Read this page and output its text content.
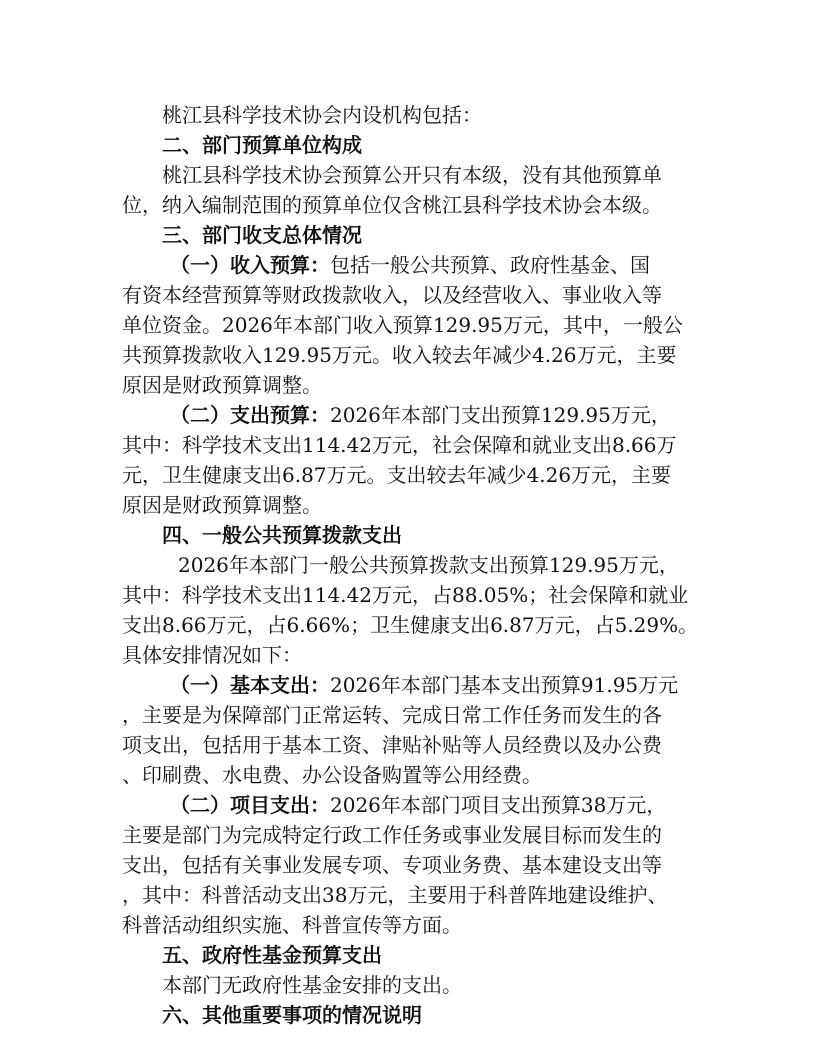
桃江县科学技术协会内设机构包括：
二、部门预算单位构成
桃江县科学技术协会预算公开只有本级，没有其他预算单
位，纳入编制范围的预算单位仅含桃江县科学技术协会本级。
三、部门收支总体情况
（一）收入预算：包括一般公共预算、政府性基金、国
有资本经营预算等财政拨款收入，以及经营收入、事业收入等
单位资金。2026年本部门收入预算129.95万元，其中，一般公
共预算拨款收入129.95万元。收入较去年减少4.26万元，主要
原因是财政预算调整。
（二）支出预算：2026年本部门支出预算129.95万元，
其中：科学技术支出114.42万元，社会保障和就业支出8.66万
元，卫生健康支出6.87万元。支出较去年减少4.26万元，主要
原因是财政预算调整。
四、一般公共预算拨款支出
2026年本部门一般公共预算拨款支出预算129.95万元，
其中：科学技术支出114.42万元，占88.05%；社会保障和就业
支出8.66万元，占6.66%；卫生健康支出6.87万元，占5.29%。
具体安排情况如下：
（一）基本支出：2026年本部门基本支出预算91.95万元
，主要是为保障部门正常运转、完成日常工作任务而发生的各
项支出，包括用于基本工资、津贴补贴等人员经费以及办公费
、印刷费、水电费、办公设备购置等公用经费。
（二）项目支出：2026年本部门项目支出预算38万元，
主要是部门为完成特定行政工作任务或事业发展目标而发生的
支出，包括有关事业发展专项、专项业务费、基本建设支出等
，其中：科普活动支出38万元，主要用于科普阵地建设维护、
科普活动组织实施、科普宣传等方面。
五、政府性基金预算支出
本部门无政府性基金安排的支出。
六、其他重要事项的情况说明
